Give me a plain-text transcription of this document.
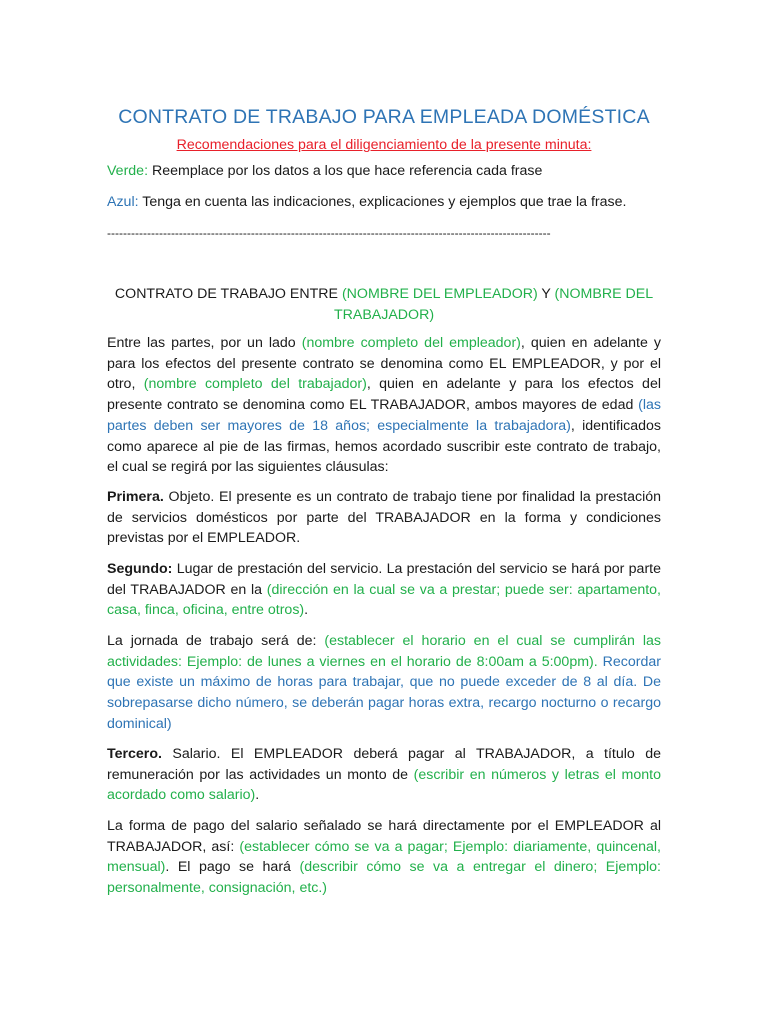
CONTRATO DE TRABAJO PARA EMPLEADA DOMÉSTICA
Recomendaciones para el diligenciamiento de la presente minuta:
Verde: Reemplace por los datos a los que hace referencia cada frase
Azul: Tenga en cuenta las indicaciones, explicaciones y ejemplos que trae la frase.
---------------------------------------------------------------------------------------------------------------
CONTRATO DE TRABAJO ENTRE (NOMBRE DEL EMPLEADOR) Y (NOMBRE DEL TRABAJADOR)
Entre las partes, por un lado (nombre completo del empleador), quien en adelante y para los efectos del presente contrato se denomina como EL EMPLEADOR, y por el otro, (nombre completo del trabajador), quien en adelante y para los efectos del presente contrato se denomina como EL TRABAJADOR, ambos mayores de edad (las partes deben ser mayores de 18 años; especialmente la trabajadora), identificados como aparece al pie de las firmas, hemos acordado suscribir este contrato de trabajo, el cual se regirá por las siguientes cláusulas:
Primera. Objeto. El presente es un contrato de trabajo tiene por finalidad la prestación de servicios domésticos por parte del TRABAJADOR en la forma y condiciones previstas por el EMPLEADOR.
Segundo: Lugar de prestación del servicio. La prestación del servicio se hará por parte del TRABAJADOR en la (dirección en la cual se va a prestar; puede ser: apartamento, casa, finca, oficina, entre otros).
La jornada de trabajo será de: (establecer el horario en el cual se cumplirán las actividades: Ejemplo: de lunes a viernes en el horario de 8:00am a 5:00pm). Recordar que existe un máximo de horas para trabajar, que no puede exceder de 8 al día. De sobrepasarse dicho número, se deberán pagar horas extra, recargo nocturno o recargo dominical)
Tercero. Salario. El EMPLEADOR deberá pagar al TRABAJADOR, a título de remuneración por las actividades un monto de (escribir en números y letras el monto acordado como salario).
La forma de pago del salario señalado se hará directamente por el EMPLEADOR al TRABAJADOR, así: (establecer cómo se va a pagar; Ejemplo: diariamente, quincenal, mensual). El pago se hará (describir cómo se va a entregar el dinero; Ejemplo: personalmente, consignación, etc.)
